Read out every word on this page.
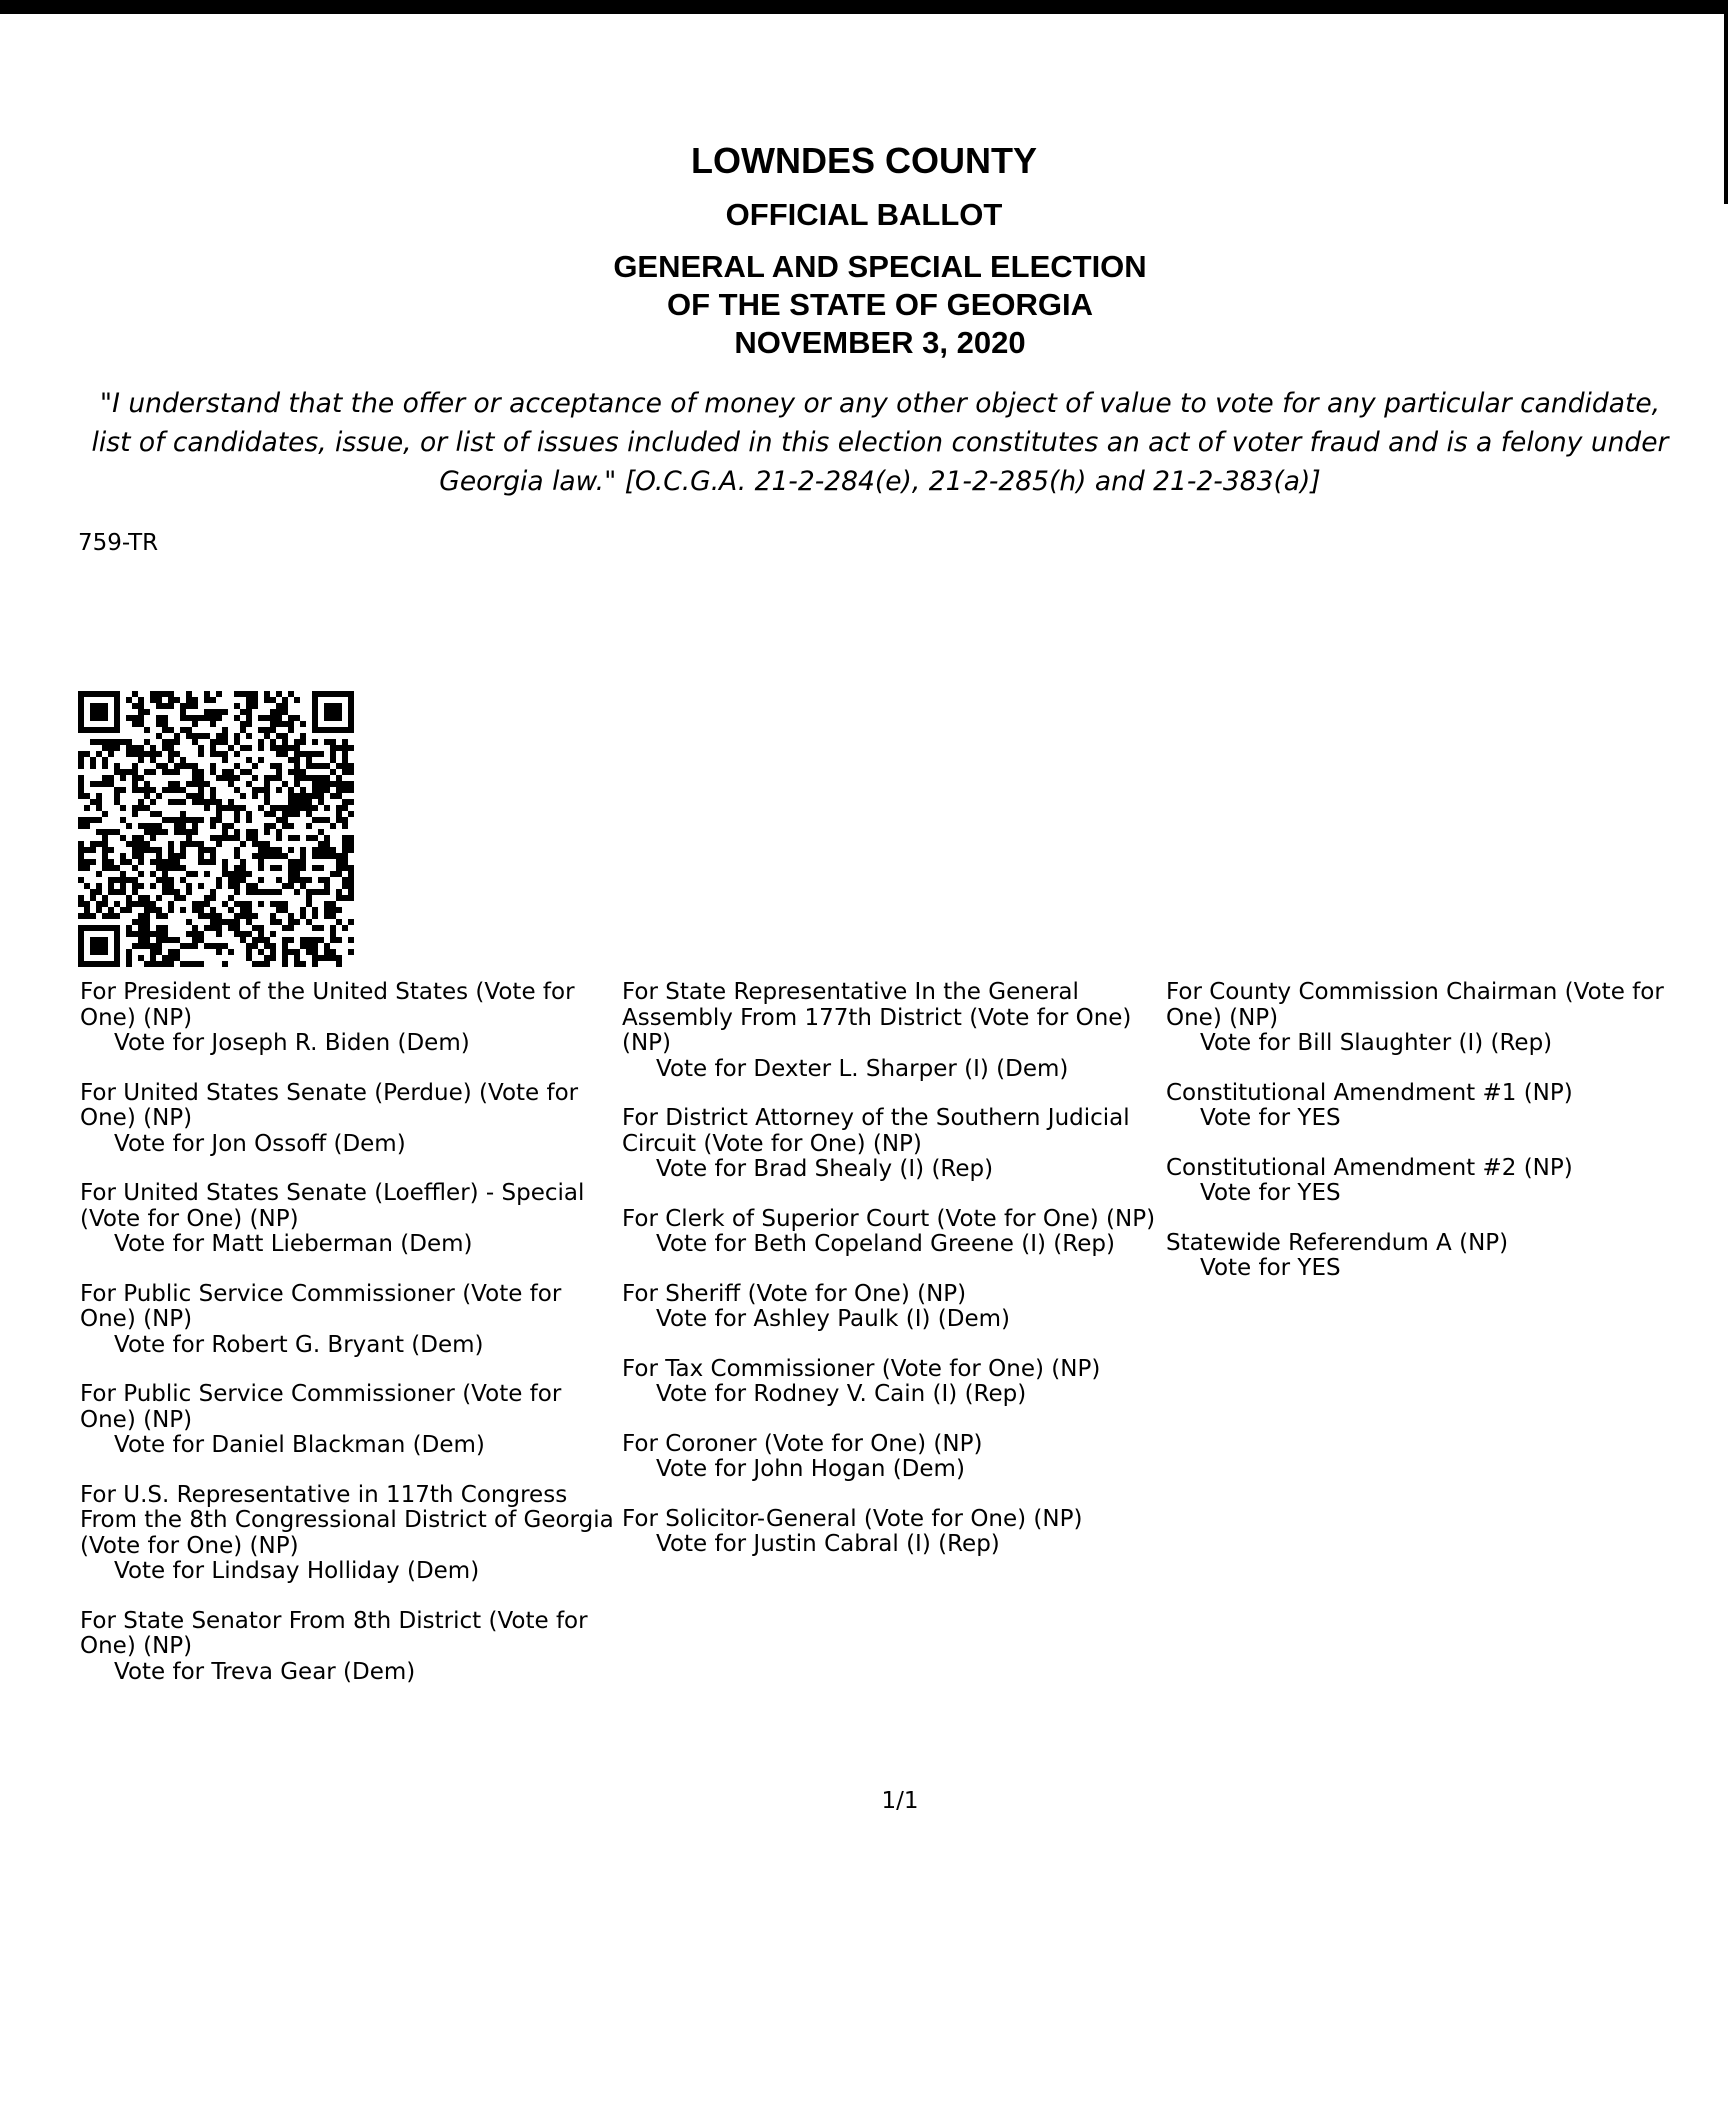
LOWNDES COUNTY
OFFICIAL BALLOT
GENERAL AND SPECIAL ELECTION
OF THE STATE OF GEORGIA
NOVEMBER 3, 2020
"I understand that the offer or acceptance of money or any other object of value to vote for any particular candidate, list of candidates, issue, or list of issues included in this election constitutes an act of voter fraud and is a felony under Georgia law." [O.C.G.A. 21-2-284(e), 21-2-285(h) and 21-2-383(a)]
759-TR
For President of the United States (Vote for One) (NP)
Vote for Joseph R. Biden (Dem)
For United States Senate (Perdue) (Vote for One) (NP)
Vote for Jon Ossoff (Dem)
For United States Senate (Loeffler) - Special (Vote for One) (NP)
Vote for Matt Lieberman (Dem)
For Public Service Commissioner (Vote for One) (NP)
Vote for Robert G. Bryant (Dem)
For Public Service Commissioner (Vote for One) (NP)
Vote for Daniel Blackman (Dem)
For U.S. Representative in 117th Congress From the 8th Congressional District of Georgia (Vote for One) (NP)
Vote for Lindsay Holliday (Dem)
For State Senator From 8th District (Vote for One) (NP)
Vote for Treva Gear (Dem)
For State Representative In the General Assembly From 177th District (Vote for One) (NP)
Vote for Dexter L. Sharper (I) (Dem)
For District Attorney of the Southern Judicial Circuit (Vote for One) (NP)
Vote for Brad Shealy (I) (Rep)
For Clerk of Superior Court (Vote for One) (NP)
Vote for Beth Copeland Greene (I) (Rep)
For Sheriff (Vote for One) (NP)
Vote for Ashley Paulk (I) (Dem)
For Tax Commissioner (Vote for One) (NP)
Vote for Rodney V. Cain (I) (Rep)
For Coroner (Vote for One) (NP)
Vote for John Hogan (Dem)
For Solicitor-General (Vote for One) (NP)
Vote for Justin Cabral (I) (Rep)
For County Commission Chairman (Vote for One) (NP)
Vote for Bill Slaughter (I) (Rep)
Constitutional Amendment #1 (NP)
Vote for YES
Constitutional Amendment #2 (NP)
Vote for YES
Statewide Referendum A (NP)
Vote for YES
1/1
